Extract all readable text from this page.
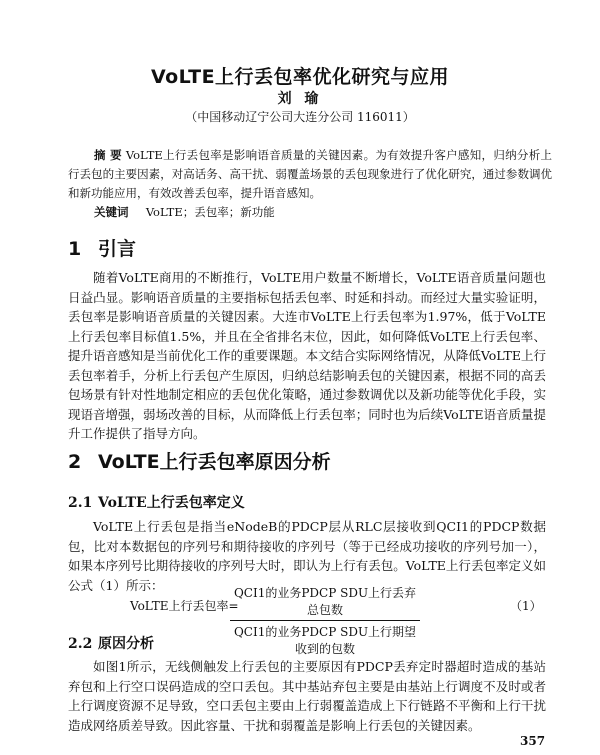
VoLTE上行丢包率优化研究与应用
刘 瑜
（中国移动辽宁公司大连分公司 116011）
摘 要 VoLTE上行丢包率是影响语音质量的关键因素。为有效提升客户感知，归纳分析上行丢包的主要因素，对高话务、高干扰、弱覆盖场景的丢包现象进行了优化研究，通过参数调优和新功能应用，有效改善丢包率，提升语音感知。
关键词 VoLTE；丢包率；新功能
1 引言
随着VoLTE商用的不断推行，VoLTE用户数量不断增长，VoLTE语音质量问题也日益凸显。影响语音质量的主要指标包括丢包率、时延和抖动。而经过大量实验证明，丢包率是影响语音质量的关键因素。大连市VoLTE上行丢包率为1.97%，低于VoLTE上行丢包率目标值1.5%，并且在全省排名末位，因此，如何降低VoLTE上行丢包率、提升语音感知是当前优化工作的重要课题。本文结合实际网络情况，从降低VoLTE上行丢包率着手，分析上行丢包产生原因，归纳总结影响丢包的关键因素，根据不同的高丢包场景有针对性地制定相应的丢包优化策略，通过参数调优以及新功能等优化手段，实现语音增强，弱场改善的目标，从而降低上行丢包率；同时也为后续VoLTE语音质量提升工作提供了指导方向。
2 VoLTE上行丢包率原因分析
2.1 VoLTE上行丢包率定义
VoLTE上行丢包是指当eNodeB的PDCP层从RLC层接收到QCI1的PDCP数据包，比对本数据包的序列号和期待接收的序列号（等于已经成功接收的序列号加一），如果本序列号比期待接收的序列号大时，即认为上行有丢包。VoLTE上行丢包率定义如公式（1）所示：
VoLTE上行丢包率=
QCI1的业务PDCP SDU上行丢弃总包数
QCI1的业务PDCP SDU上行期望收到的包数
（1）
2.2 原因分析
如图1所示，无线侧触发上行丢包的主要原因有PDCP丢弃定时器超时造成的基站弃包和上行空口误码造成的空口丢包。其中基站弃包主要是由基站上行调度不及时或者上行调度资源不足导致，空口丢包主要由上行弱覆盖造成上下行链路不平衡和上行干扰造成网络质差导致。因此容量、干扰和弱覆盖是影响上行丢包的关键因素。
357
